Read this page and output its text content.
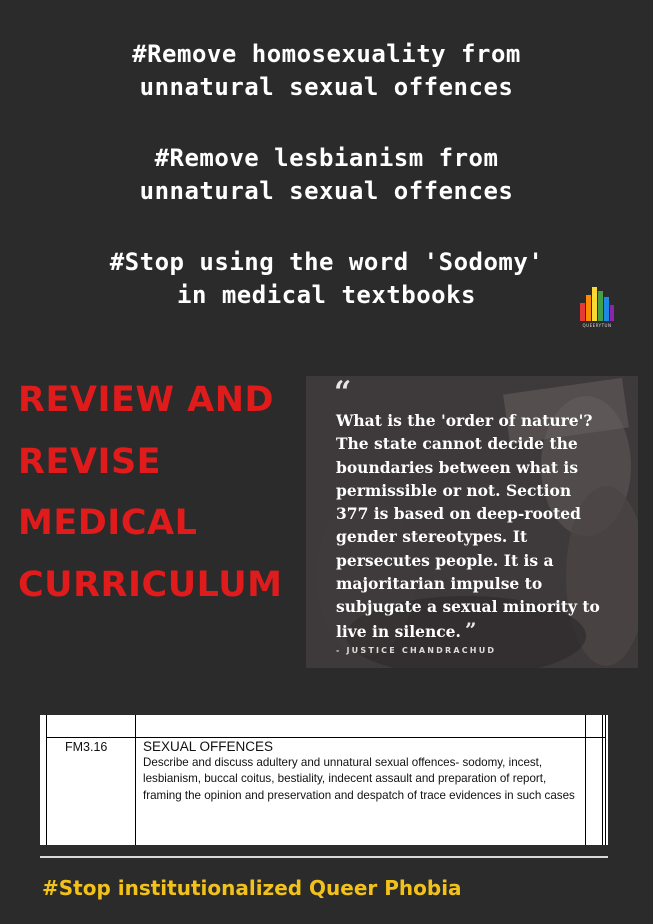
#Remove homosexuality from
unnatural sexual offences
#Remove lesbianism from
unnatural sexual offences
#Stop using the word 'Sodomy'
in medical textbooks
QUEERYTUN
REVIEW AND
REVISE
MEDICAL
CURRICULUM
“
What is the 'order of nature'? The state cannot decide the boundaries between what is permissible or not. Section 377 is based on deep-rooted gender stereotypes. It persecutes people. It is a majoritarian impulse to subjugate a sexual minority to live in silence. ”
- JUSTICE CHANDRACHUD
FM3.16	SEXUAL OFFENCES
Describe and discuss adultery and unnatural sexual offences- sodomy, incest, lesbianism, buccal coitus, bestiality, indecent assault and preparation of report, framing the opinion and preservation and despatch of trace evidences in such cases
#Stop institutionalized Queer Phobia
